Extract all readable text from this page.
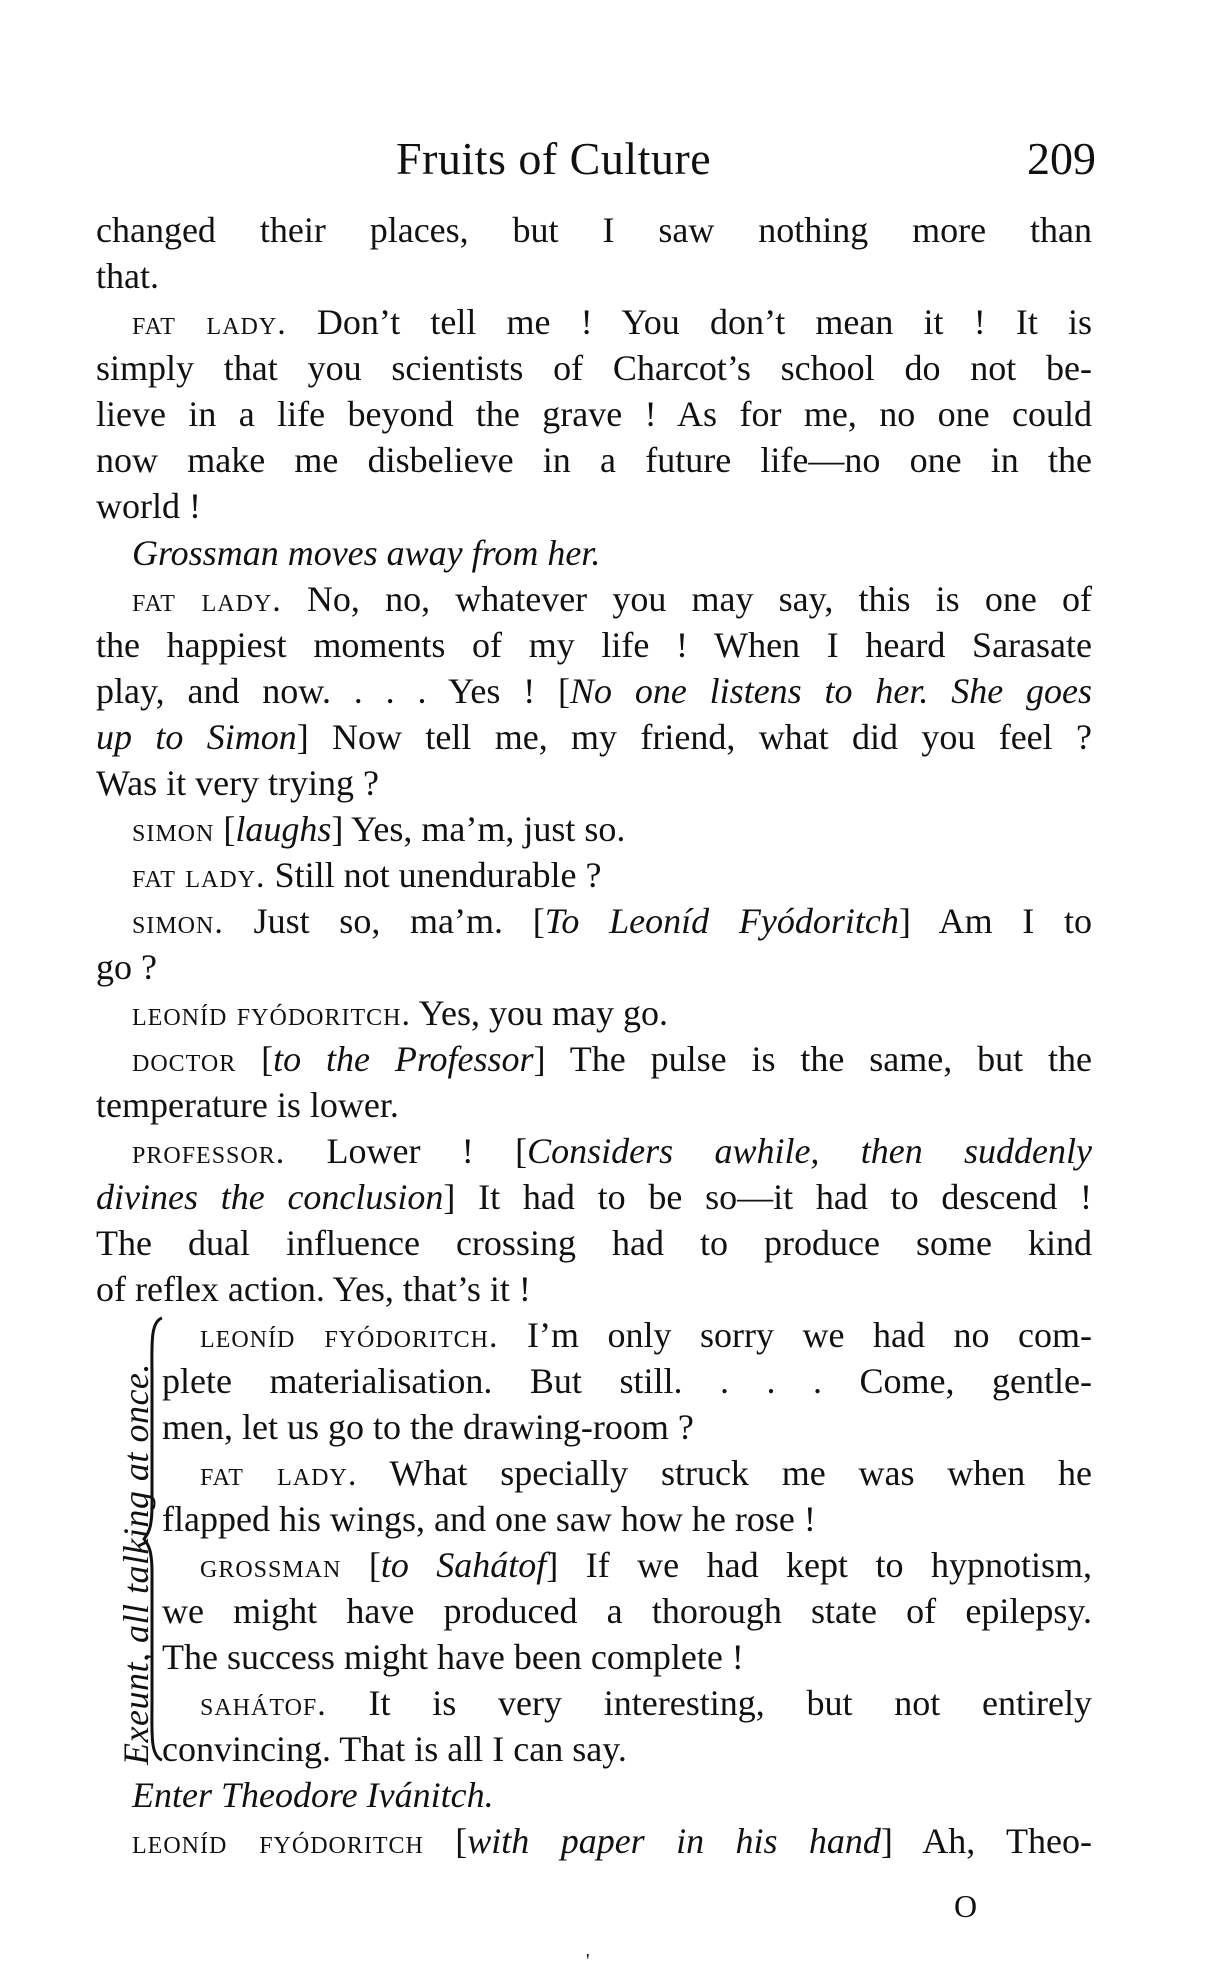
Fruits of Culture	209
changed their places, but I saw nothing more than
that.
fat lady. Don’t tell me ! You don’t mean it ! It is
simply that you scientists of Charcot’s school do not be-
lieve in a life beyond the grave ! As for me, no one could
now make me disbelieve in a future life—no one in the
world !
Grossman moves away from her.
fat lady. No, no, whatever you may say, this is one of
the happiest moments of my life ! When I heard Sarasate
play, and now. . . . Yes ! [No one listens to her. She goes
up to Simon] Now tell me, my friend, what did you feel ?
Was it very trying ?
simon [laughs] Yes, ma’m, just so.
fat lady. Still not unendurable ?
simon. Just so, ma’m. [To Leoníd Fyódoritch] Am I to
go ?
leoníd fyódoritch. Yes, you may go.
doctor [to the Professor] The pulse is the same, but the
temperature is lower.
professor. Lower ! [Considers awhile, then suddenly
divines the conclusion] It had to be so—it had to descend !
The dual influence crossing had to produce some kind
of reflex action. Yes, that’s it !
Exeunt, all talking at once.
leoníd fyódoritch. I’m only sorry we had no com-
plete materialisation. But still. . . . Come, gentle-
men, let us go to the drawing-room ?
fat lady. What specially struck me was when he
flapped his wings, and one saw how he rose !
grossman [to Sahátof] If we had kept to hypnotism,
we might have produced a thorough state of epilepsy.
The success might have been complete !
sahátof. It is very interesting, but not entirely
convincing. That is all I can say.
Enter Theodore Ivánitch.
leoníd fyódoritch [with paper in his hand] Ah, Theo-
O
'
